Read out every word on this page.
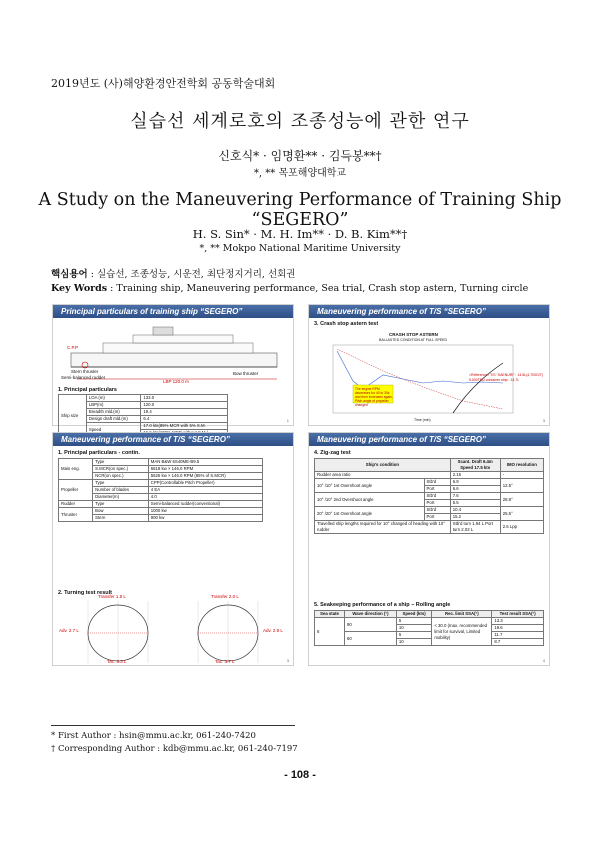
2019년도 (사)해양환경안전학회 공동학술대회
실습선 세계로호의 조종성능에 관한 연구
신호식* · 임명환** · 김득봉**†
*, ** 목포해양대학교
A Study on the Maneuvering Performance of Training Ship “SEGERO”
H. S. Sin* · M. H. Im** · D. B. Kim**†
*, ** Mokpo National Maritime University
핵심용어 : 실습선, 조종성능, 시운전, 최단정지거리, 선회권
Key Words : Training ship, Maneuvering performance, Sea trial, Crash stop astern, Turning circle
Principal particulars of training ship “SEGERO”
C.P.P
Stern thruster
Semi-balanced rudder
Bow thruster
LBP 120.0 m
1. Principal particulars
Ship size	LOA (m)	133.0
	LBP(m)	120.0
	Breadth mld.(m)	19.4
	Design draft mld.(m)	6.4
	Speed	17.0 kts(85% MCR with 5% S.M.

1
Maneuvering performance of T/S “SEGERO”
3. Crash stop astern test
CRASH STOP ASTERN
BALLASTED CONDITION AT FULL SPEED
The engine RPM decreases for 40 to 30s and then increases again, Pitch angle of propeller changed
<Reference> T/S “SAENURI” : 14.5L(4,700G/T) 5,000TEU container ship : 14.7L
Time (min)	3
Maneuvering performance of T/S “SEGERO”
1. Principal particulars - contin.
Main eng.	Type	MAN B&W 6S40ME-B9.5
	S.MCR(on spec.)	6618 kw × 146.0 RPM
	NCR(on spec.)	5625 kw × 146.0 RPM (85% of S.MCR)
Propeller	Type	CPP(Controllable Pitch Propeller)
	Number of blades	4 EA
	Diameter(m)	4.0
Rudder	Type	Semi-balanced rudder(conventional)
Thruster	Bow	1000 kw
	Stern	900 kw
2. Turning test result
Transfer 1.8 L	Transfer 2.0 L
Adv. 2.7 L	Adv. 2.9 L
Tac. 3.3 L	Tac. 3.7 L	3
Maneuvering performance of T/S “SEGERO”
4. Zig-zag test
Ship's condition		Scant. Draft 6.4m Speed 17.5 kts	IMO resolution
Rudder area ratio		2.15	-
10° /10° 1st Overshoot angle	Stb'd	6.9	12.5°
	Port	6.6	
10° /10° 2nd Overshoot angle	Stb'd	7.6	28.9°
	Port	5.5	
20° /20° 1st Overshoot angle	Stb'd	10.4	25.5°
	Port	15.2	
Travelled ship lengths required for 10° changed of heading with 10° rudder		Stb'd turn 1.94 L Port turn 2.02 L	2.5 Lpp
5. Seakeeping performance of a ship – Rolling angle
Sea state	Wave direction (°)	Speed (kts)	Rec. limit SSA(°)	Test result SSA(°)
6	90	5	< 30.0 (max. recommended limit for survival, Limited mobility)	13.3
		10		19.6
	60	5		11.7
		10		8.7
4
* First Author : hsin@mmu.ac.kr, 061-240-7420
† Corresponding Author : kdb@mmu.ac.kr, 061-240-7197
- 108 -
